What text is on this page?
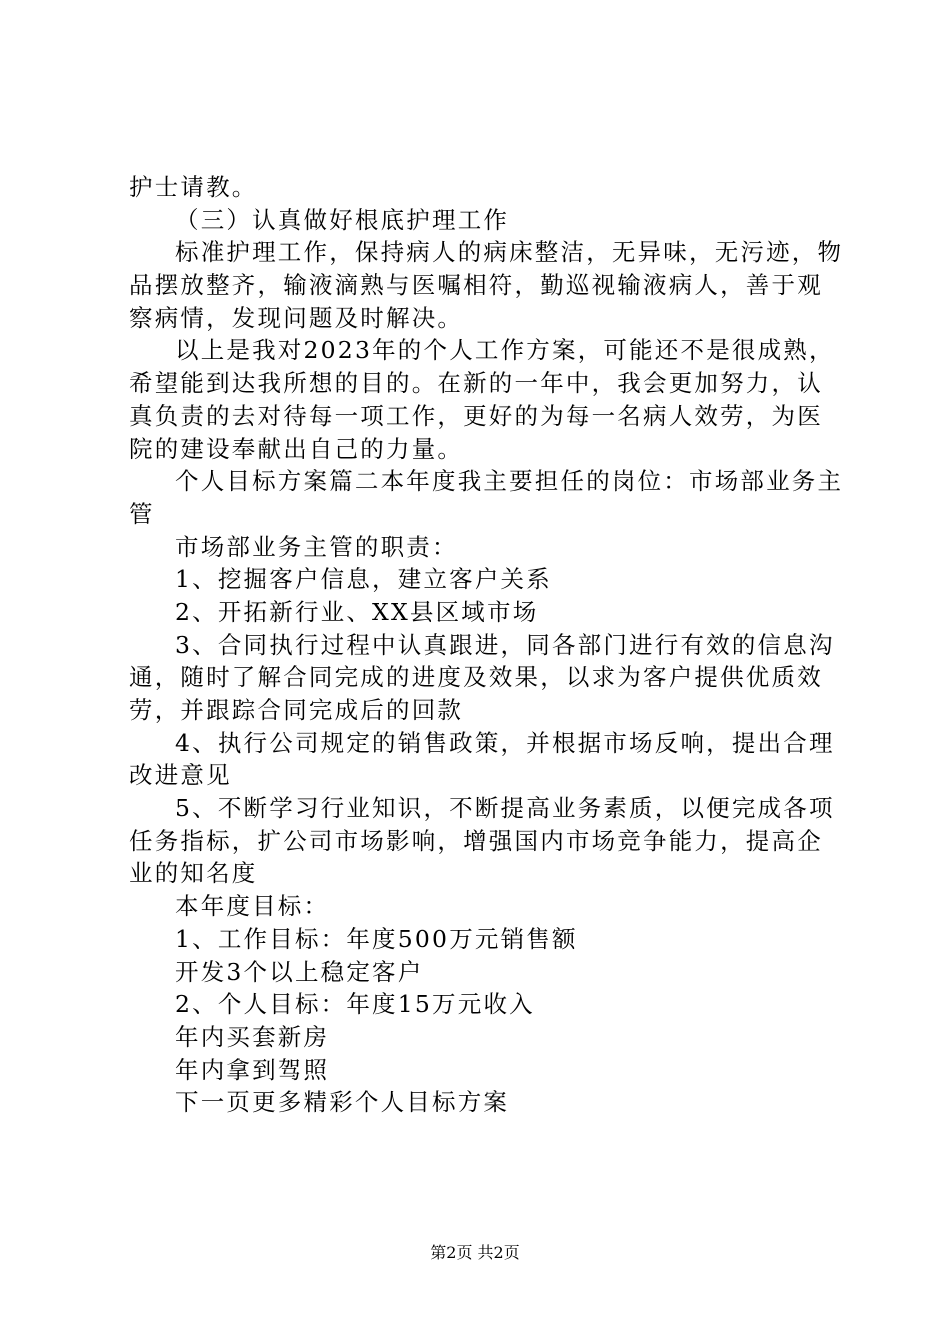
护士请教。
（三）认真做好根底护理工作
标准护理工作，保持病人的病床整洁，无异味，无污迹，物
品摆放整齐，输液滴熟与医嘱相符，勤巡视输液病人，善于观
察病情，发现问题及时解决。
以上是我对2023年的个人工作方案，可能还不是很成熟，
希望能到达我所想的目的。在新的一年中，我会更加努力，认
真负责的去对待每一项工作，更好的为每一名病人效劳，为医
院的建设奉献出自己的力量。
个人目标方案篇二本年度我主要担任的岗位：市场部业务主
管
市场部业务主管的职责：
1、挖掘客户信息，建立客户关系
2、开拓新行业、XX县区域市场
3、合同执行过程中认真跟进，同各部门进行有效的信息沟
通，随时了解合同完成的进度及效果，以求为客户提供优质效
劳，并跟踪合同完成后的回款
4、执行公司规定的销售政策，并根据市场反响，提出合理
改进意见
5、不断学习行业知识，不断提高业务素质，以便完成各项
任务指标，扩公司市场影响，增强国内市场竞争能力，提高企
业的知名度
本年度目标：
1、工作目标：年度500万元销售额
开发3个以上稳定客户
2、个人目标：年度15万元收入
年内买套新房
年内拿到驾照
下一页更多精彩个人目标方案
第2页 共2页
